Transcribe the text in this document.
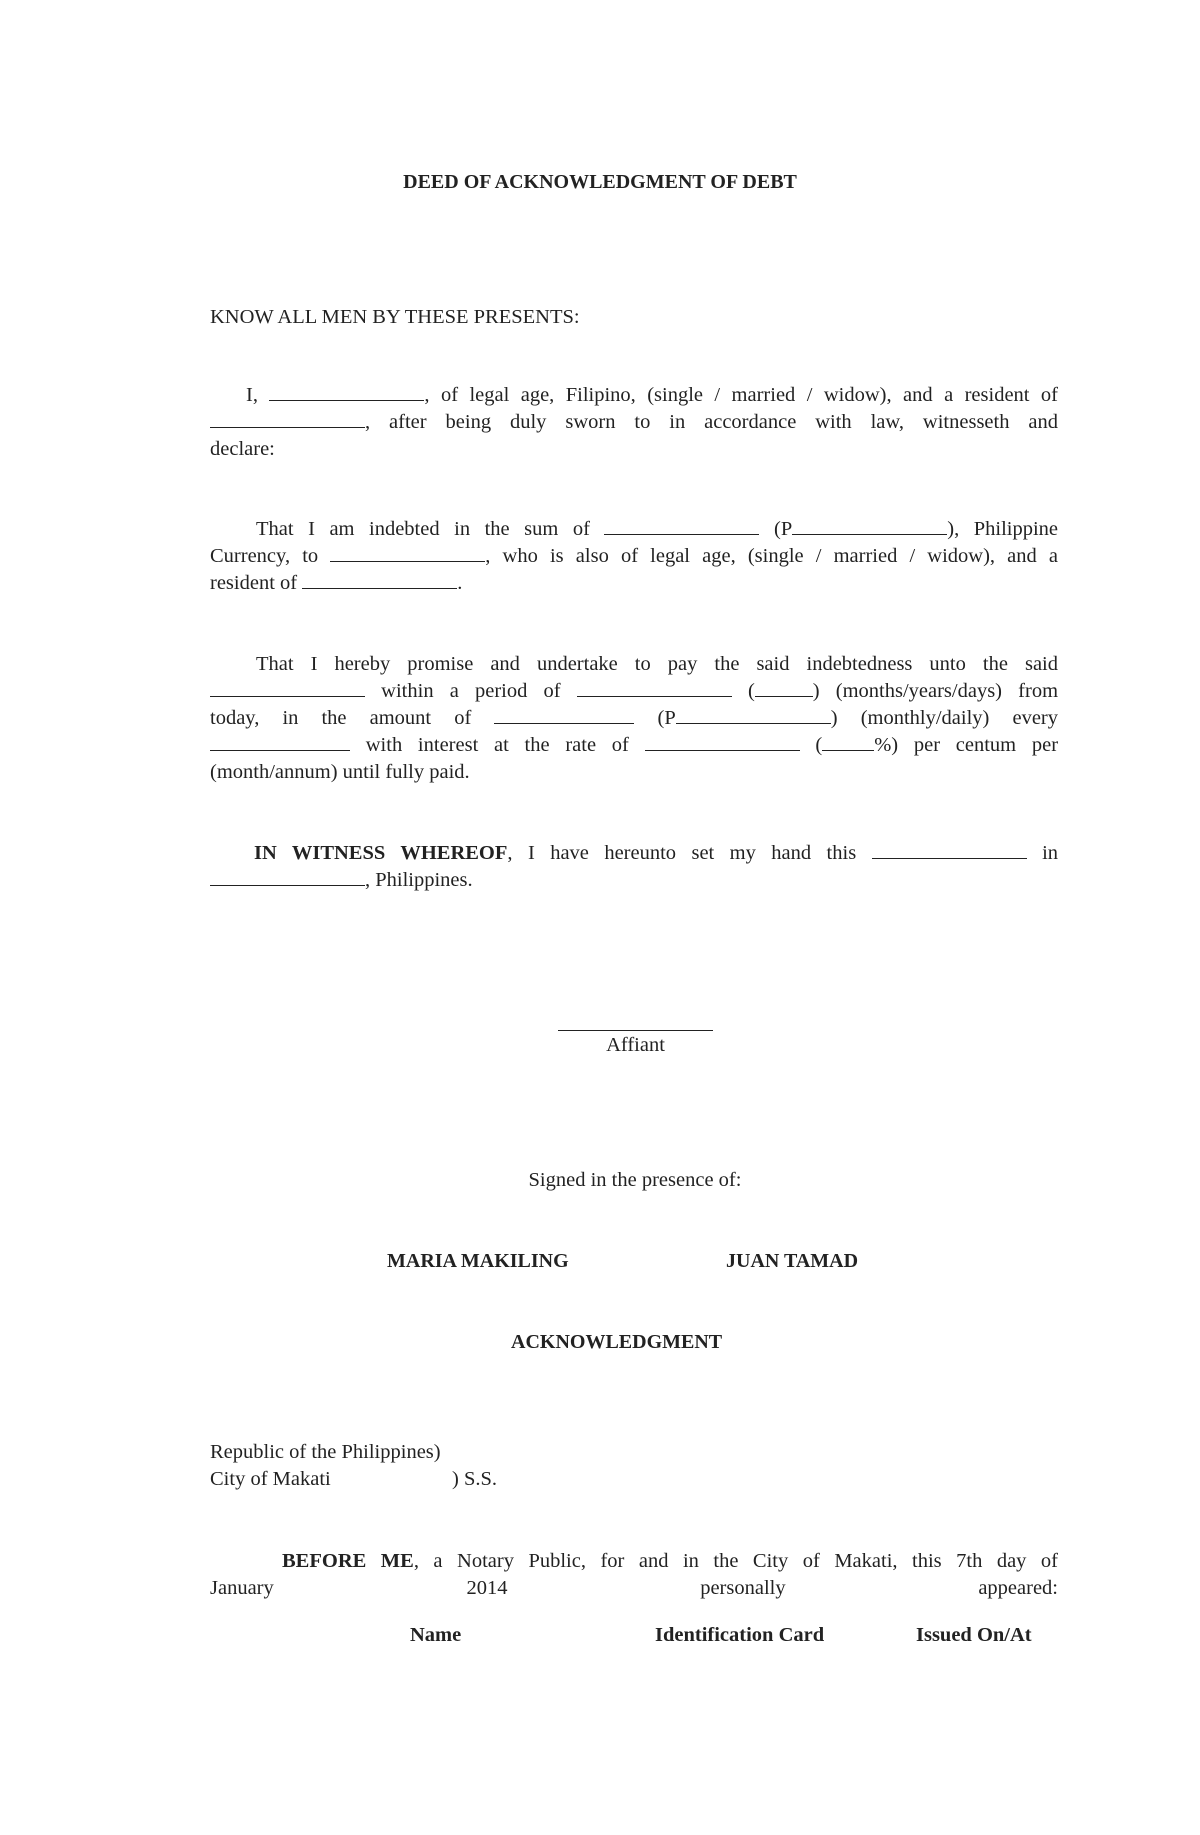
DEED OF ACKNOWLEDGMENT OF DEBT
KNOW ALL MEN BY THESE PRESENTS:
I,	, of legal age, Filipino, (single / married / widow), and a resident of
, after being duly sworn to in accordance with law, witnesseth and
declare:
That I am indebted in the sum of	(P	), Philippine
Currency, to	, who is also of legal age, (single / married / widow), and a
resident of	.
That I hereby promise and undertake to pay the said indebtedness unto the said
within a period of	(	) (months/years/days) from
today, in the amount of	(P	) (monthly/daily) every
with interest at the rate of	(	%) per centum per
(month/annum) until fully paid.
IN WITNESS WHEREOF, I have hereunto set my hand this	in
, Philippines.
Affiant
Signed in the presence of:
MARIA MAKILING	JUAN TAMAD
ACKNOWLEDGMENT
Republic of the Philippines)
City of Makati	) S.S.
BEFORE ME, a Notary Public, for and in the City of Makati, this 7th day of
January	2014	personally	appeared:
Name	Identification Card	Issued On/At
